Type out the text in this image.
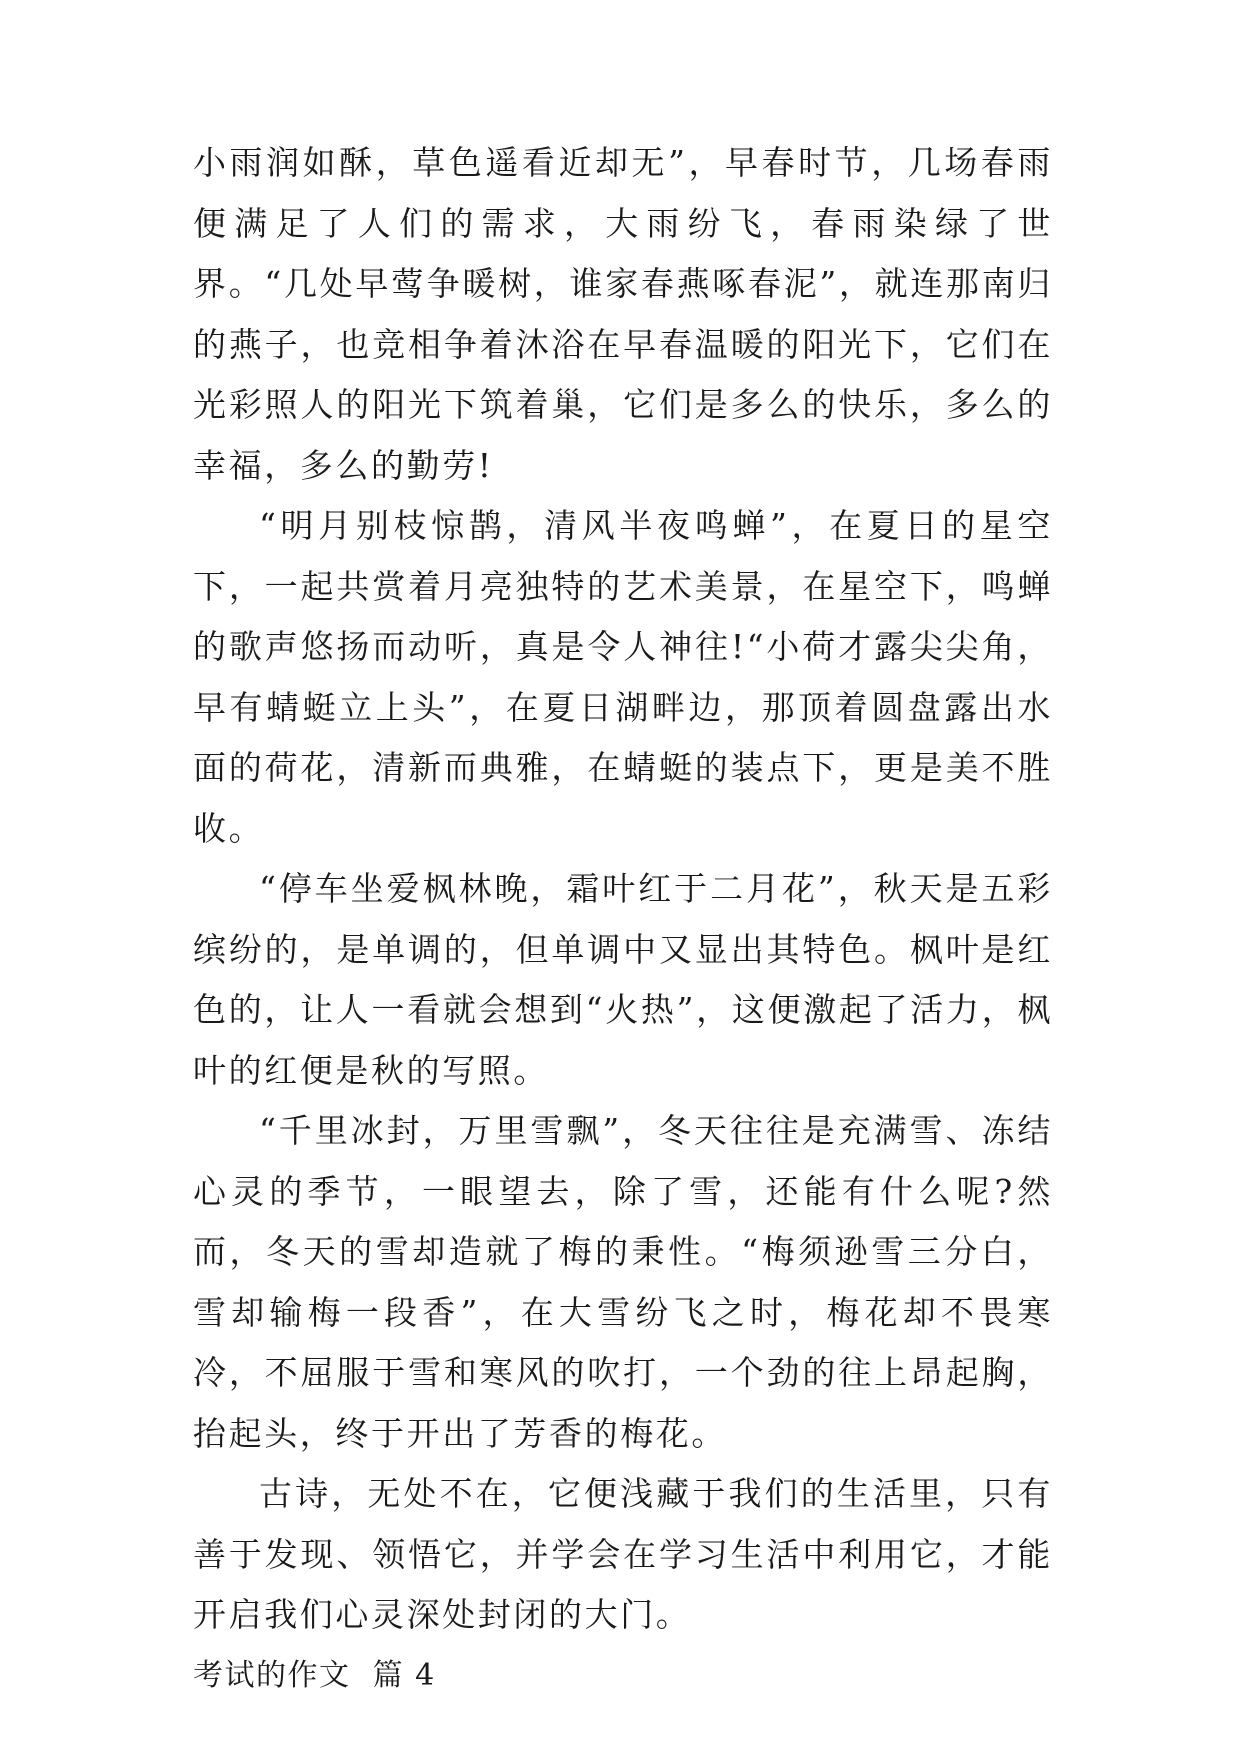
小雨润如酥，草色遥看近却无”，早春时节，几场春雨便满足了人们的需求，大雨纷飞，春雨染绿了世界。“几处早莺争暖树，谁家春燕啄春泥”，就连那南归的燕子，也竞相争着沐浴在早春温暖的阳光下，它们在光彩照人的阳光下筑着巢，它们是多么的快乐，多么的幸福，多么的勤劳!

“明月别枝惊鹊，清风半夜鸣蝉”，在夏日的星空下，一起共赏着月亮独特的艺术美景，在星空下，鸣蝉的歌声悠扬而动听，真是令人神往!“小荷才露尖尖角，早有蜻蜓立上头”，在夏日湖畔边，那顶着圆盘露出水面的荷花，清新而典雅，在蜻蜓的装点下，更是美不胜收。

“停车坐爱枫林晚，霜叶红于二月花”，秋天是五彩缤纷的，是单调的，但单调中又显出其特色。枫叶是红色的，让人一看就会想到“火热”，这便激起了活力，枫叶的红便是秋的写照。

“千里冰封，万里雪飘”，冬天往往是充满雪、冻结心灵的季节，一眼望去，除了雪，还能有什么呢?然而，冬天的雪却造就了梅的秉性。“梅须逊雪三分白，雪却输梅一段香”，在大雪纷飞之时，梅花却不畏寒冷，不屈服于雪和寒风的吹打，一个劲的往上昂起胸，抬起头，终于开出了芳香的梅花。

古诗，无处不在，它便浅藏于我们的生活里，只有善于发现、领悟它，并学会在学习生活中利用它，才能开启我们心灵深处封闭的大门。

考试的作文  篇 4
